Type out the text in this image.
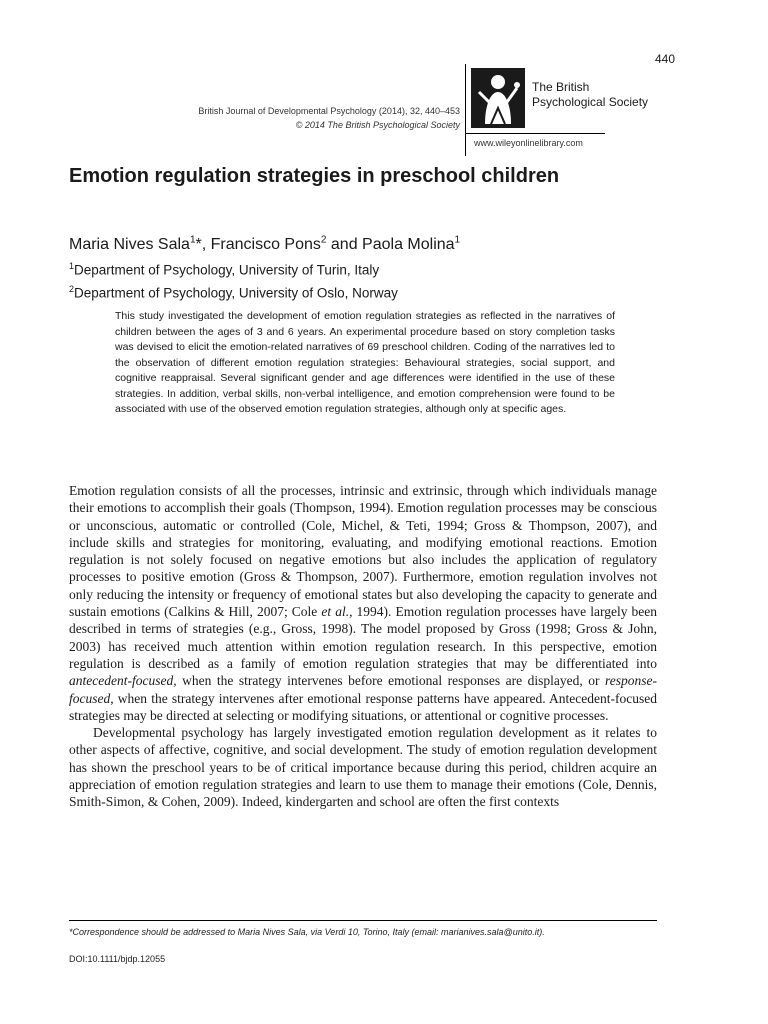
440
British Journal of Developmental Psychology (2014), 32, 440–453
© 2014 The British Psychological Society
The British
Psychological Society
www.wileyonlinelibrary.com
Emotion regulation strategies in preschool children
Maria Nives Sala$^1$*, Francisco Pons$^2$ and Paola Molina$^1$
$^1$Department of Psychology, University of Turin, Italy
$^2$Department of Psychology, University of Oslo, Norway

This study investigated the development of emotion regulation strategies as reflected in the narratives of children between the ages of 3 and 6 years. An experimental procedure based on story completion tasks was devised to elicit the emotion-related narratives of 69 preschool children. Coding of the narratives led to the observation of different emotion regulation strategies: Behavioural strategies, social support, and cognitive reappraisal. Several significant gender and age differences were identified in the use of these strategies. In addition, verbal skills, non-verbal intelligence, and emotion comprehension were found to be associated with use of the observed emotion regulation strategies, although only at specific ages.

Emotion regulation consists of all the processes, intrinsic and extrinsic, through which individuals manage their emotions to accomplish their goals (Thompson, 1994). Emotion regulation processes may be conscious or unconscious, automatic or controlled (Cole, Michel, & Teti, 1994; Gross & Thompson, 2007), and include skills and strategies for monitoring, evaluating, and modifying emotional reactions. Emotion regulation is not solely focused on negative emotions but also includes the application of regulatory processes to positive emotion (Gross & Thompson, 2007). Furthermore, emotion regulation involves not only reducing the intensity or frequency of emotional states but also developing the capacity to generate and sustain emotions (Calkins & Hill, 2007; Cole et al., 1994). Emotion regulation processes have largely been described in terms of strategies (e.g., Gross, 1998). The model proposed by Gross (1998; Gross & John, 2003) has received much attention within emotion regulation research. In this perspective, emotion regulation is described as a family of emotion regulation strategies that may be differentiated into antecedent-focused, when the strategy intervenes before emotional responses are displayed, or response-focused, when the strategy intervenes after emotional response patterns have appeared. Antecedent-focused strategies may be directed at selecting or modifying situations, or attentional or cognitive processes.

Developmental psychology has largely investigated emotion regulation development as it relates to other aspects of affective, cognitive, and social development. The study of emotion regulation development has shown the preschool years to be of critical importance because during this period, children acquire an appreciation of emotion regulation strategies and learn to use them to manage their emotions (Cole, Dennis, Smith-Simon, & Cohen, 2009). Indeed, kindergarten and school are often the first contexts

*Correspondence should be addressed to Maria Nives Sala, via Verdi 10, Torino, Italy (email: marianives.sala@unito.it).
DOI:10.1111/bjdp.12055
